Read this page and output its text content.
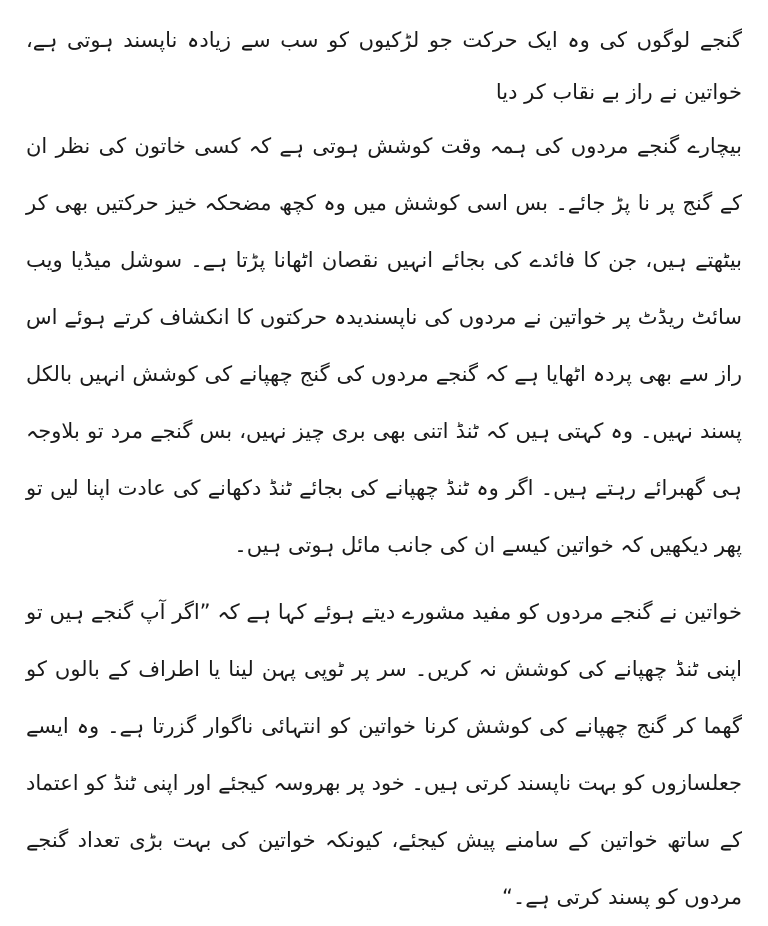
گنجے لوگوں کی وہ ایک حرکت جو لڑکیوں کو سب سے زیادہ ناپسند ہوتی ہے، خواتین نے راز بے نقاب کر دیا

بیچارے گنجے مردوں کی ہمہ وقت کوشش ہوتی ہے کہ کسی خاتون کی نظر ان کے گنج پر نا پڑ جائے۔ بس اسی کوشش میں وہ کچھ مضحکہ خیز حرکتیں بھی کر بیٹھتے ہیں، جن کا فائدے کی بجائے انہیں نقصان اٹھانا پڑتا ہے۔ سوشل میڈیا ویب سائٹ ریڈٹ پر خواتین نے مردوں کی ناپسندیدہ حرکتوں کا انکشاف کرتے ہوئے اس راز سے بھی پردہ اٹھایا ہے کہ گنجے مردوں کی گنج چھپانے کی کوشش انہیں بالکل پسند نہیں۔ وہ کہتی ہیں کہ ٹنڈ اتنی بھی بری چیز نہیں، بس گنجے مرد تو بلاوجہ ہی گھبرائے رہتے ہیں۔ اگر وہ ٹنڈ چھپانے کی بجائے ٹنڈ دکھانے کی عادت اپنا لیں تو پھر دیکھیں کہ خواتین کیسے ان کی جانب مائل ہوتی ہیں۔

خواتین نے گنجے مردوں کو مفید مشورے دیتے ہوئے کہا ہے کہ ”اگر آپ گنجے ہیں تو اپنی ٹنڈ چھپانے کی کوشش نہ کریں۔ سر پر ٹوپی پہن لینا یا اطراف کے بالوں کو گھما کر گنج چھپانے کی کوشش کرنا خواتین کو انتہائی ناگوار گزرتا ہے۔ وہ ایسے جعلسازوں کو بہت ناپسند کرتی ہیں۔ خود پر بھروسہ کیجئے اور اپنی ٹنڈ کو اعتماد کے ساتھ خواتین کے سامنے پیش کیجئے، کیونکہ خواتین کی بہت بڑی تعداد گنجے مردوں کو پسند کرتی ہے۔“
